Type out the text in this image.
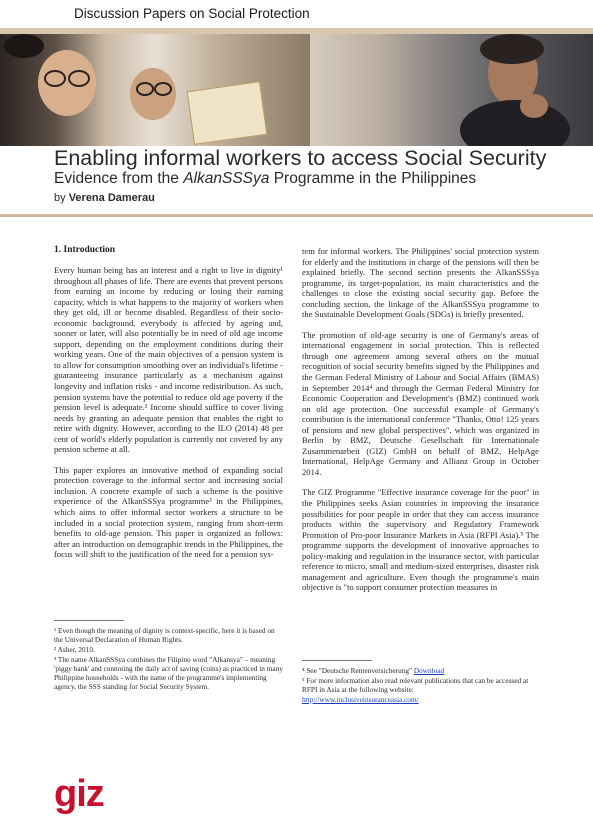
Discussion Papers on Social Protection
Enabling informal workers to access Social Security
Evidence from the AlkanSSSya Programme in the Philippines
by Verena Damerau
1. Introduction

Every human being has an interest and a right to live in dignity¹ throughout all phases of life. There are events that prevent persons from earning an income by reducing or losing their earning capacity, which is what happens to the majority of workers when they get old, ill or become disabled. Regardless of their socio-economic background, everybody is affected by ageing and, sooner or later, will also potentially be in need of old age income support, depending on the employment conditions during their working years. One of the main objectives of a pension system is to allow for consumption smoothing over an individual's lifetime - guaranteeing insurance particularly as a mechanism against longevity and inflation risks - and income redistribution. As such, pension systems have the potential to reduce old age poverty if the pension level is adequate.² Income should suffice to cover living needs by granting an adequate pension that enables the right to retire with dignity. However, according to the ILO (2014) 48 per cent of world's elderly population is currently not covered by any pension scheme at all.

This paper explores an innovative method of expanding social protection coverage to the informal sector and increasing social inclusion. A concrete example of such a scheme is the positive experience of the AlkanSSSya programme³ in the Philippines, which aims to offer informal sector workers a structure to be included in a social protection system, ranging from short-term benefits to old-age pension. This paper is organized as follows: after an introduction on demographic trends in the Philippines, the focus will shift to the justification of the need for a pension sys-

tem for informal workers. The Philippines' social protection system for elderly and the institutions in charge of the pensions will then be explained briefly. The second section presents the AlkanSSSya programme, its target-population, its main characteristics and the challenges to close the existing social security gap. Before the concluding section, the linkage of the AlkanSSSya programme to the Sustainable Development Goals (SDGs) is briefly presented.

The promotion of old-age security is one of Germany's areas of international engagement in social protection. This is reflected through one agreement among several others on the mutual recognition of social security benefits signed by the Philippines and the German Federal Ministry of Labour and Social Affairs (BMAS) in September 2014⁴ and through the German Federal Ministry for Economic Cooperation and Development's (BMZ) continued work on old age protection. One successful example of Germany's contribution is the international conference "Thanks, Otto! 125 years of pensions and new global perspectives", which was organized in Berlin by BMZ, Deutsche Gesellschaft für Internationale Zusammenarbeit (GIZ) GmbH on behalf of BMZ, HelpAge International, HelpAge Germany and Allianz Group in October 2014.

The GIZ Programme "Effective insurance coverage for the poor" in the Philippines seeks Asian countries in improving the insurance possibilities for poor people in order that they can access insurance products within the supervisory and Regulatory Framework Promotion of Pro-poor Insurance Markets in Asia (RFPI Asia).⁵ The programme supports the development of innovative approaches to policy-making and regulation in the insurance sector, with particular reference to micro, small and medium-sized enterprises, disaster risk management and agriculture. Even though the programme's main objective is "to support consumer protection measures in

¹ Even though the meaning of dignity is context-specific, here it is based on the Universal Declaration of Human Rights.

² Asher, 2010.

³ The name AlkanSSSya combines the Filipino word "Alkansya" – meaning 'piggy bank' and connoting the daily act of saving (coins) as practiced in many Philippine households - with the name of the programme's implementing agency, the SSS standing for Social Security System.

⁴ See "Deutsche Rentenversicherung" Download

⁵ For more information also read relevant publications that can be accessed at RFPI in Asia at the following website:

http://www.inclusiveinsuranceasia.com/

giz
